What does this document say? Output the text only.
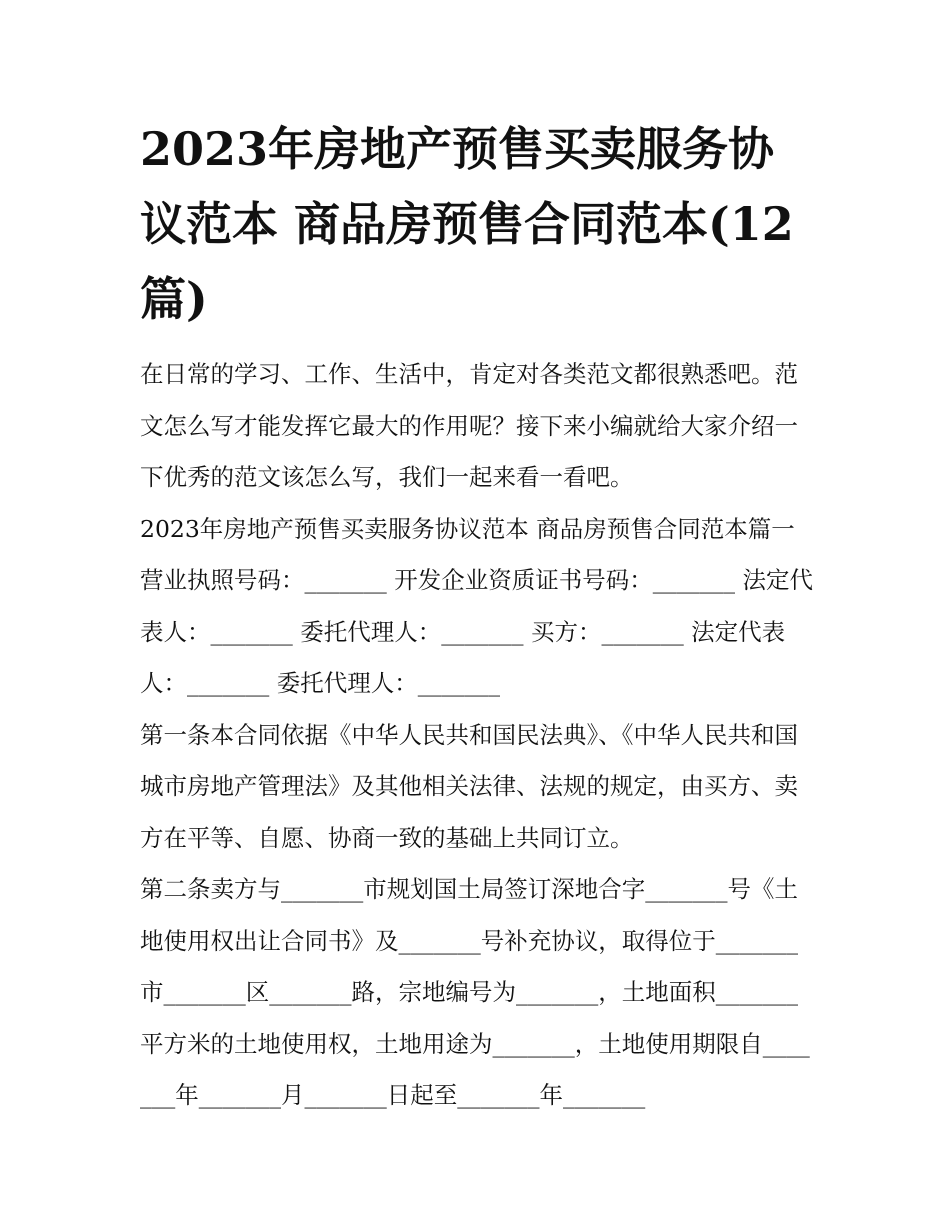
2023年房地产预售买卖服务协议范本 商品房预售合同范本(12篇)

在日常的学习、工作、生活中，肯定对各类范文都很熟悉吧。范文怎么写才能发挥它最大的作用呢？接下来小编就给大家介绍一下优秀的范文该怎么写，我们一起来看一看吧。

2023年房地产预售买卖服务协议范本 商品房预售合同范本篇一 营业执照号码：_______ 开发企业资质证书号码：_______ 法定代表人：_______ 委托代理人：_______ 买方：_______ 法定代表人：_______ 委托代理人：_______

第一条本合同依据《中华人民共和国民法典》、《中华人民共和国城市房地产管理法》及其他相关法律、法规的规定，由买方、卖方在平等、自愿、协商一致的基础上共同订立。

第二条卖方与_______市规划国土局签订深地合字_______号《土地使用权出让合同书》及_______号补充协议，取得位于_______市_______区_______路，宗地编号为_______，土地面积_______平方米的土地使用权，土地用途为_______，土地使用期限自_______年_______月_______日起至_______年_______
